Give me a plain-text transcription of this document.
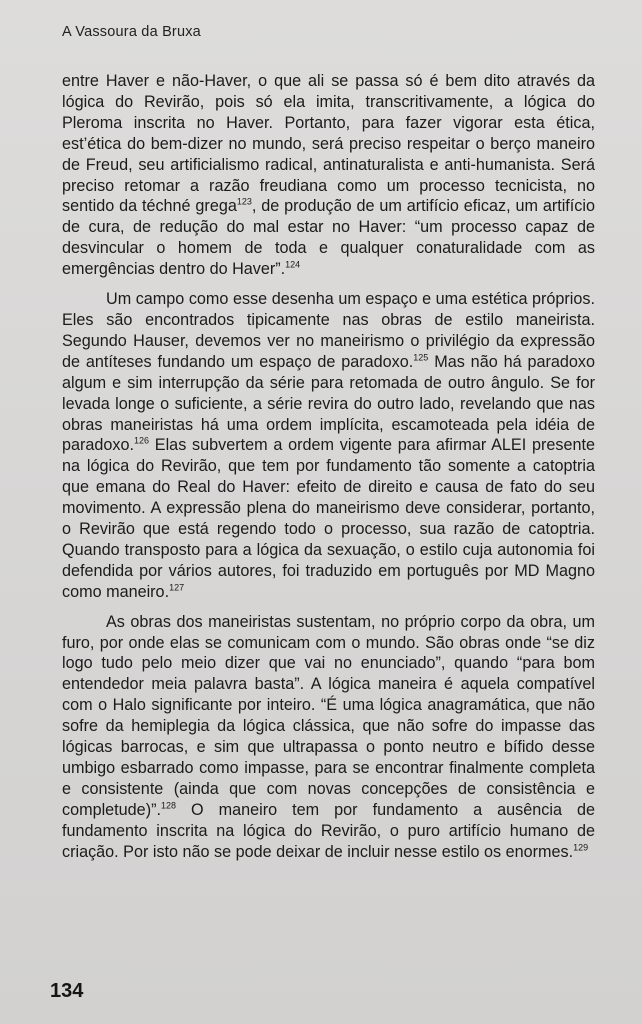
A Vassoura da Bruxa

entre Haver e não-Haver, o que ali se passa só é bem dito através da lógica do Revirão, pois só ela imita, transcritivamente, a lógica do Pleroma inscrita no Haver. Portanto, para fazer vigorar esta ética, est’ética do bem-dizer no mundo, será preciso respeitar o berço maneiro de Freud, seu artificialismo radical, antinaturalista e anti-humanista. Será preciso retomar a razão freudiana como um processo tecnicista, no sentido da téchné grega$^{123}$, de produção de um artifício eficaz, um artifício de cura, de redução do mal estar no Haver: “um processo capaz de desvincular o homem de toda e qualquer conaturalidade com as emergências dentro do Haver”.$^{124}$

Um campo como esse desenha um espaço e uma estética próprios. Eles são encontrados tipicamente nas obras de estilo maneirista. Segundo Hauser, devemos ver no maneirismo o privilégio da expressão de antíteses fundando um espaço de paradoxo.$^{125}$ Mas não há paradoxo algum e sim interrupção da série para retomada de outro ângulo. Se for levada longe o suficiente, a série revira do outro lado, revelando que nas obras maneiristas há uma ordem implícita, escamoteada pela idéia de paradoxo.$^{126}$ Elas subvertem a ordem vigente para afirmar ALEI presente na lógica do Revirão, que tem por fundamento tão somente a catoptria que emana do Real do Haver: efeito de direito e causa de fato do seu movimento. A expressão plena do maneirismo deve considerar, portanto, o Revirão que está regendo todo o processo, sua razão de catoptria. Quando transposto para a lógica da sexuação, o estilo cuja autonomia foi defendida por vários autores, foi traduzido em português por MD Magno como maneiro.$^{127}$

As obras dos maneiristas sustentam, no próprio corpo da obra, um furo, por onde elas se comunicam com o mundo. São obras onde “se diz logo tudo pelo meio dizer que vai no enunciado”, quando “para bom entendedor meia palavra basta”. A lógica maneira é aquela compatível com o Halo significante por inteiro. “É uma lógica anagramática, que não sofre da hemiplegia da lógica clássica, que não sofre do impasse das lógicas barrocas, e sim que ultrapassa o ponto neutro e bífido desse umbigo esbarrado como impasse, para se encontrar finalmente completa e consistente (ainda que com novas concepções de consistência e completude)”.$^{128}$ O maneiro tem por fundamento a ausência de fundamento inscrita na lógica do Revirão, o puro artifício humano de criação. Por isto não se pode deixar de incluir nesse estilo os enormes.$^{129}$

134
